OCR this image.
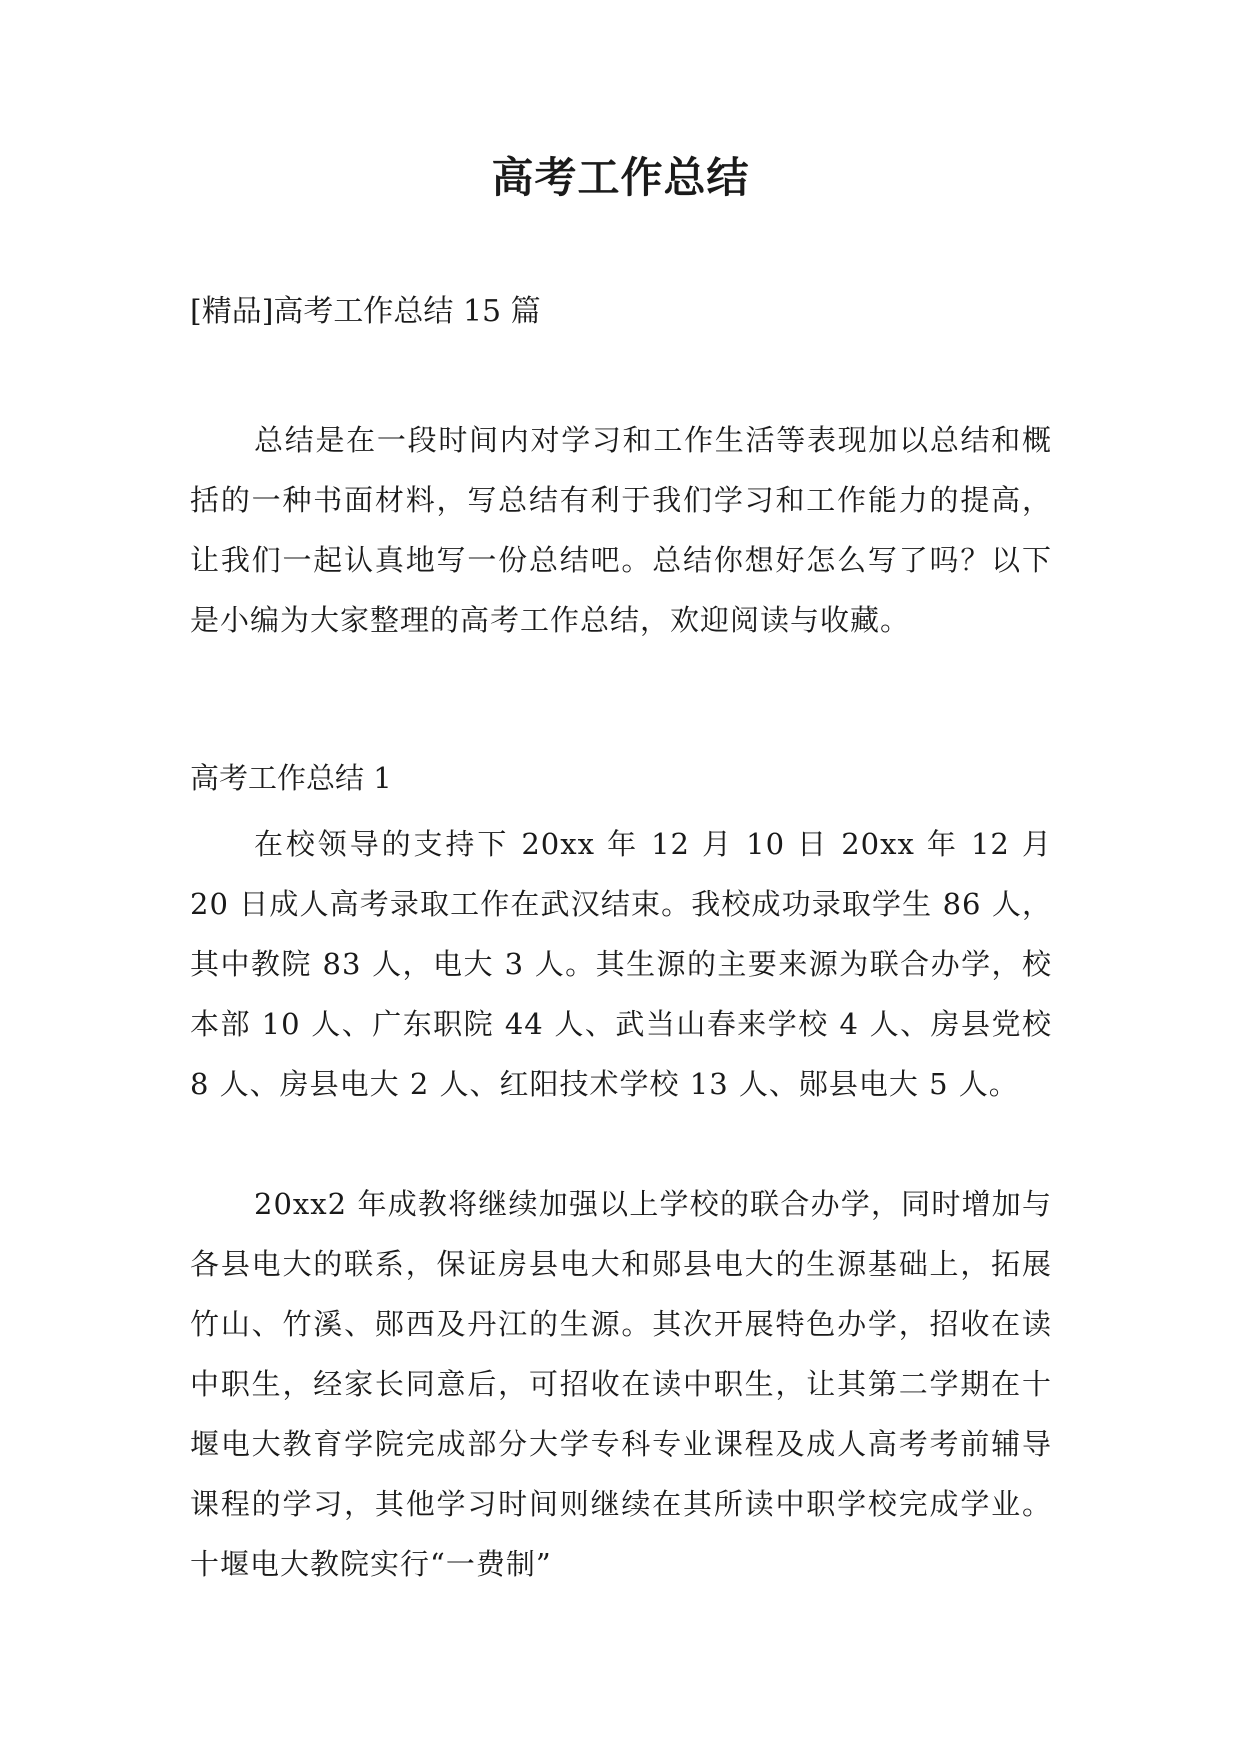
高考工作总结

[精品]高考工作总结 15 篇

总结是在一段时间内对学习和工作生活等表现加以总结和概括的一种书面材料，写总结有利于我们学习和工作能力的提高，让我们一起认真地写一份总结吧。总结你想好怎么写了吗？以下是小编为大家整理的高考工作总结，欢迎阅读与收藏。

高考工作总结 1

在校领导的支持下 20xx 年 12 月 10 日 20xx 年 12 月 20 日成人高考录取工作在武汉结束。我校成功录取学生 86 人，其中教院 83 人，电大 3 人。其生源的主要来源为联合办学，校本部 10 人、广东职院 44 人、武当山春来学校 4 人、房县党校 8 人、房县电大 2 人、红阳技术学校 13 人、郧县电大 5 人。

20xx2 年成教将继续加强以上学校的联合办学，同时增加与各县电大的联系，保证房县电大和郧县电大的生源基础上，拓展竹山、竹溪、郧西及丹江的生源。其次开展特色办学，招收在读中职生，经家长同意后，可招收在读中职生，让其第二学期在十堰电大教育学院完成部分大学专科专业课程及成人高考考前辅导课程的学习，其他学习时间则继续在其所读中职学校完成学业。十堰电大教院实行“一费制”
